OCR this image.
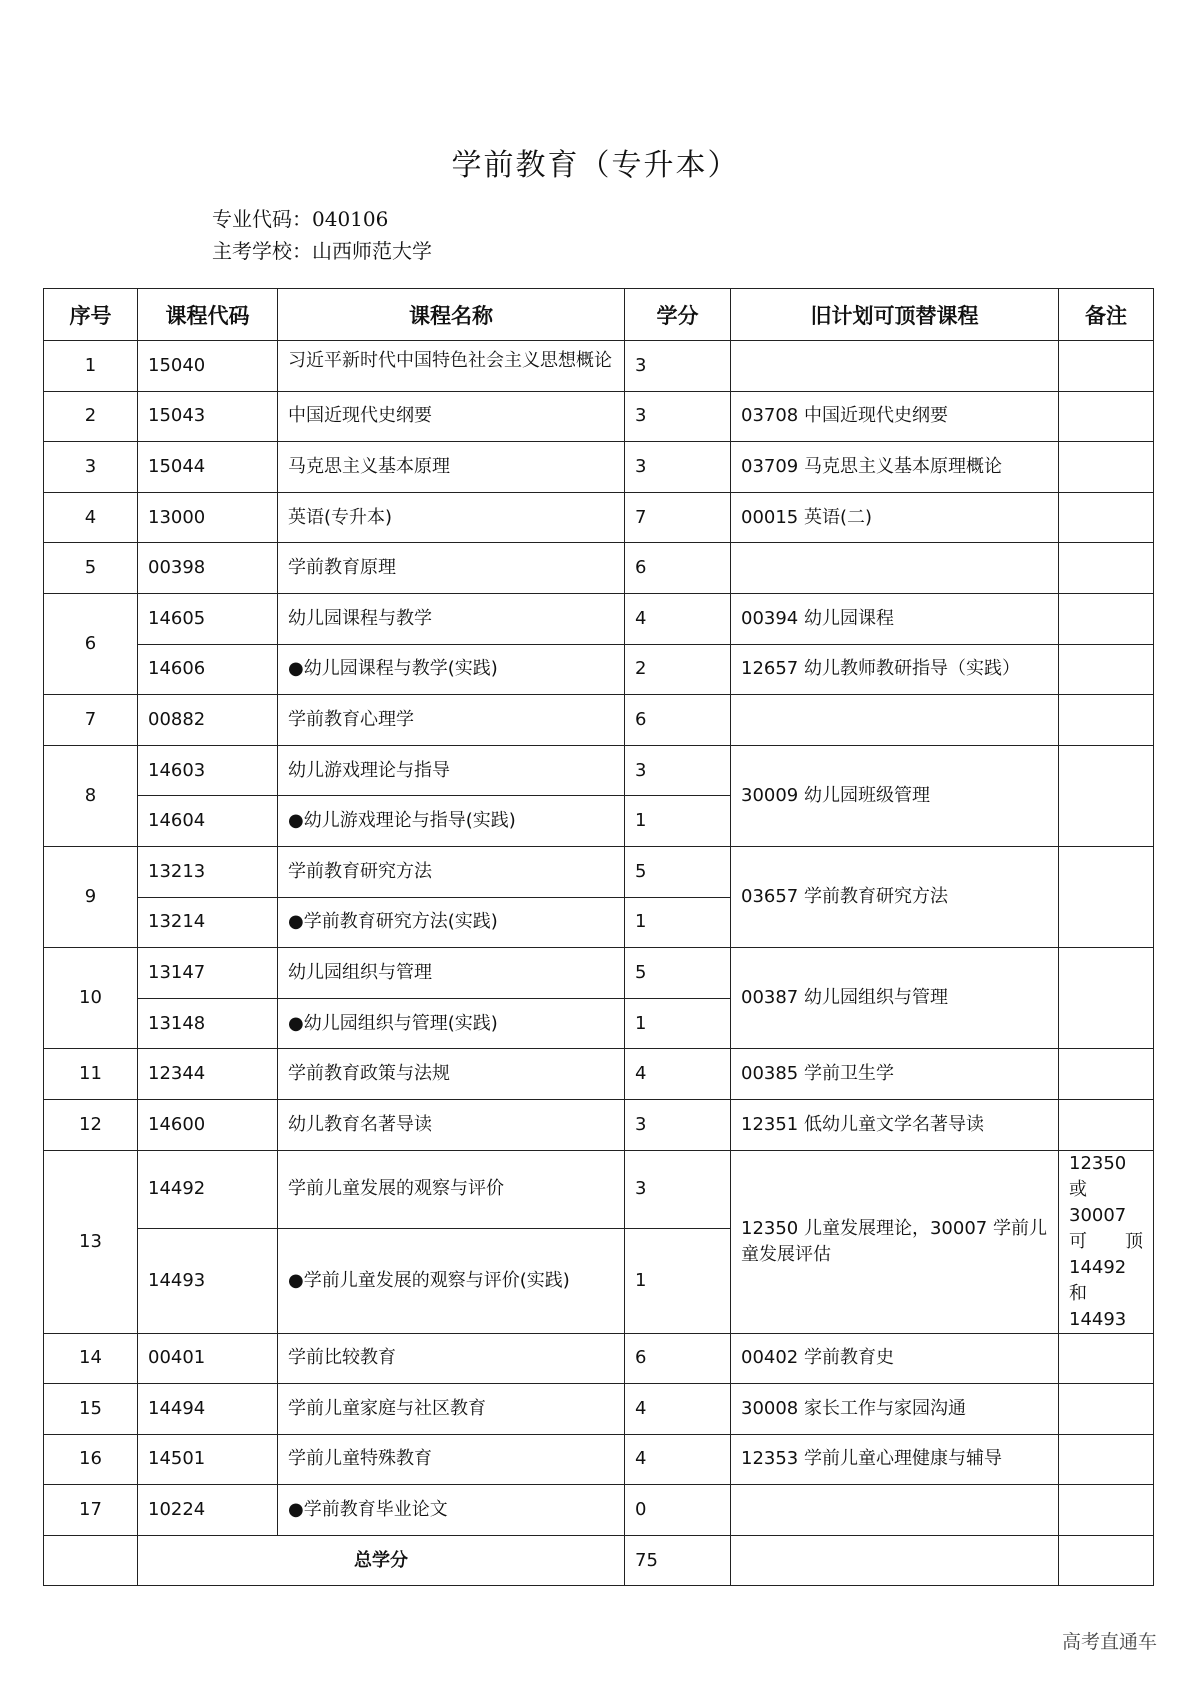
学前教育（专升本）
专业代码：040106
主考学校：山西师范大学
序号	课程代码	课程名称	学分	旧计划可顶替课程	备注
1	15040	习近平新时代中国特色社会主义思想概论	3		
2	15043	中国近现代史纲要	3	03708 中国近现代史纲要	
3	15044	马克思主义基本原理	3	03709 马克思主义基本原理概论	
4	13000	英语(专升本)	7	00015 英语(二)	
5	00398	学前教育原理	6		
6	14605	幼儿园课程与教学	4	00394 幼儿园课程	
	14606	●幼儿园课程与教学(实践)	2	12657 幼儿教师教研指导（实践）	
7	00882	学前教育心理学	6		
8	14603	幼儿游戏理论与指导	3	30009 幼儿园班级管理	
	14604	●幼儿游戏理论与指导(实践)	1		
9	13213	学前教育研究方法	5	03657 学前教育研究方法	
	13214	●学前教育研究方法(实践)	1		
10	13147	幼儿园组织与管理	5	00387 幼儿园组织与管理	
	13148	●幼儿园组织与管理(实践)	1		
11	12344	学前教育政策与法规	4	00385 学前卫生学	
12	14600	幼儿教育名著导读	3	12351 低幼儿童文学名著导读	
13	14492	学前儿童发展的观察与评价	3	12350 儿童发展理论，30007 学前儿童发展评估	12350 或 30007 可顶 14492 和 14493
	14493	●学前儿童发展的观察与评价(实践)	1		
14	00401	学前比较教育	6	00402 学前教育史	
15	14494	学前儿童家庭与社区教育	4	30008 家长工作与家园沟通	
16	14501	学前儿童特殊教育	4	12353 学前儿童心理健康与辅导	
17	10224	●学前教育毕业论文	0		
	总学分		75		
高考直通车
